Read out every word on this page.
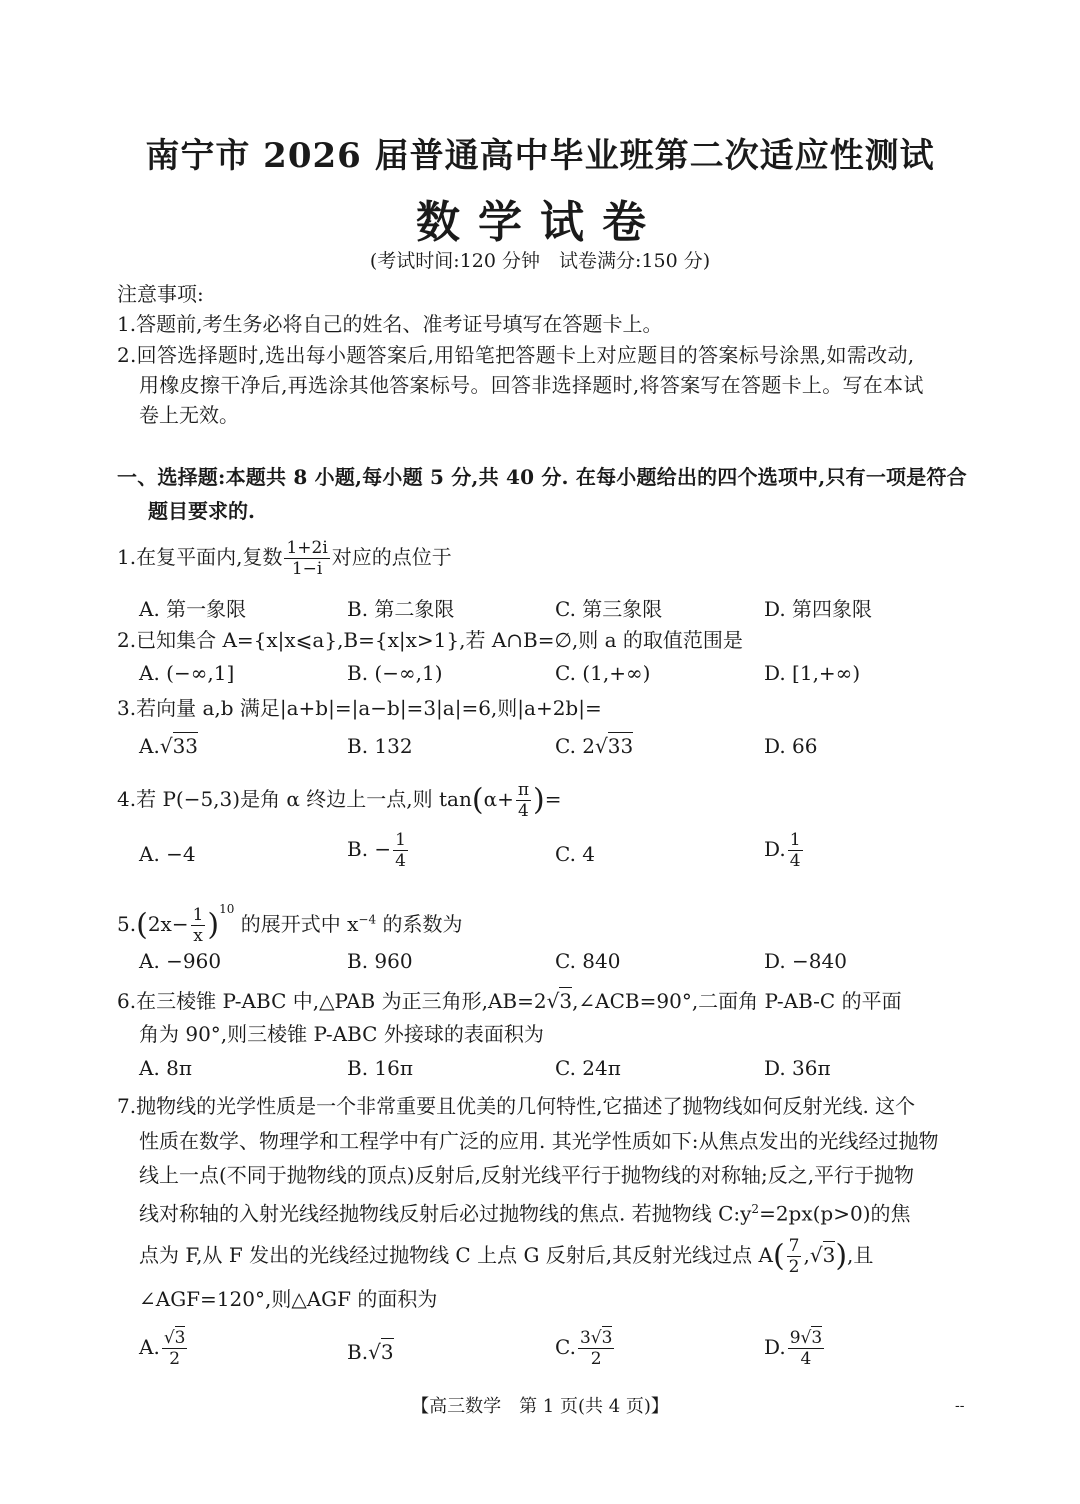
南宁市 2026 届普通高中毕业班第二次适应性测试
数学试卷
(考试时间:120 分钟　试卷满分:150 分)
注意事项:
1.答题前,考生务必将自己的姓名、准考证号填写在答题卡上。
2.回答选择题时,选出每小题答案后,用铅笔把答题卡上对应题目的答案标号涂黑,如需改动,
用橡皮擦干净后,再选涂其他答案标号。回答非选择题时,将答案写在答题卡上。写在本试
卷上无效。
一、选择题:本题共 8 小题,每小题 5 分,共 40 分. 在每小题给出的四个选项中,只有一项是符合
题目要求的.
1.在复平面内,复数 $\frac{1+2i}{1-i}$ 对应的点位于
A. 第一象限	B. 第二象限	C. 第三象限	D. 第四象限
2.已知集合 A={x|x⩽a},B={x|x>1},若 A∩B=∅,则 a 的取值范围是
A. (−∞,1]	B. (−∞,1)	C. (1,+∞)	D. [1,+∞)
3.若向量 a,b 满足|a+b|=|a−b|=3|a|=6,则|a+2b|=
A.√33	B. 132	C. 2√33	D. 66
4.若 P(−5,3)是角 α 终边上一点,则 $\tan(\alpha+ \frac{\pi}{4}$ )=
A. −4	B. − $\frac{1}{4}$	C. 4	D. $\frac{1}{4}$
$5.(2x- \frac{1}{x} )^{10}$ 的展开式中 $x^{-4}$ 的系数为
A. −960	B. 960	C. 840	D. −840
6.在三棱锥 P-ABC 中,△PAB 为正三角形,AB=2√3,∠ACB=90°,二面角 P-AB-C 的平面
角为 90°,则三棱锥 P-ABC 外接球的表面积为
A. 8π	B. 16π	C. 24π	D. 36π
7.抛物线的光学性质是一个非常重要且优美的几何特性,它描述了抛物线如何反射光线. 这个
性质在数学、物理学和工程学中有广泛的应用. 其光学性质如下:从焦点发出的光线经过抛物
线上一点(不同于抛物线的顶点)反射后,反射光线平行于抛物线的对称轴;反之,平行于抛物
线对称轴的入射光线经抛物线反射后必过抛物线的焦点. 若抛物线 $C:y^2=2px(p>0)$的焦
点为 F,从 F 发出的光线经过抛物线 C 上点 G 反射后,其反射光线过点 $A( \frac{7}{2} ,√3)$,且
∠AGF=120°,则△AGF 的面积为
A. $\frac{√3}{2}$	B.√3	C. $\frac{3√3}{2}$	D. $\frac{9√3}{4}$
【高三数学　第 1 页(共 4 页)】	--
